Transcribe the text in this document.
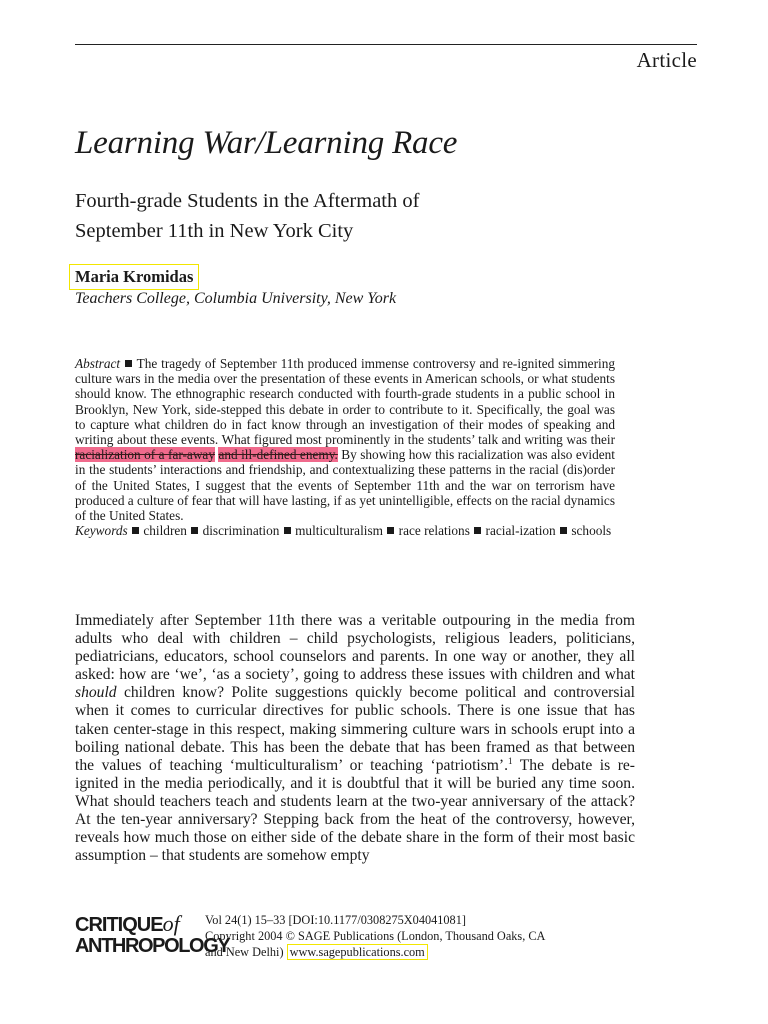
Article
Learning War/Learning Race
Fourth-grade Students in the Aftermath of
September 11th in New York City
Maria Kromidas
Teachers College, Columbia University, New York
Abstract The tragedy of September 11th produced immense controversy and re-ignited simmering culture wars in the media over the presentation of these events in American schools, or what students should know. The ethnographic research conducted with fourth-grade students in a public school in Brooklyn, New York, side-stepped this debate in order to contribute to it. Specifically, the goal was to capture what children do in fact know through an investigation of their modes of speaking and writing about these events. What figured most prominently in the students’ talk and writing was their racialization of a far-away and ill-defined enemy. By showing how this racialization was also evident in the students’ interactions and friendship, and contextualizing these patterns in the racial (dis)order of the United States, I suggest that the events of September 11th and the war on terrorism have produced a culture of fear that will have lasting, if as yet unintelligible, effects on the racial dynamics of the United States.
Keywords children discrimination multiculturalism race relations racial-ization schools
Immediately after September 11th there was a veritable outpouring in the media from adults who deal with children – child psychologists, religious leaders, politicians, pediatricians, educators, school counselors and parents. In one way or another, they all asked: how are ‘we’, ‘as a society’, going to address these issues with children and what should children know? Polite suggestions quickly become political and controversial when it comes to curricular directives for public schools. There is one issue that has taken center-stage in this respect, making simmering culture wars in schools erupt into a boiling national debate. This has been the debate that has been framed as that between the values of teaching ‘multiculturalism’ or teaching ‘patriotism’.$^1$ The debate is re-ignited in the media periodically, and it is doubtful that it will be buried any time soon. What should teachers teach and students learn at the two-year anniversary of the attack? At the ten-year anniversary? Stepping back from the heat of the controversy, however, reveals how much those on either side of the debate share in the form of their most basic assumption – that students are somehow empty
CRITIQUEof
ANTHROPOLOGY
Vol 24(1) 15–33 [DOI:10.1177/0308275X04041081]
Copyright 2004 © SAGE Publications (London, Thousand Oaks, CA
and New Delhi) www.sagepublications.com
